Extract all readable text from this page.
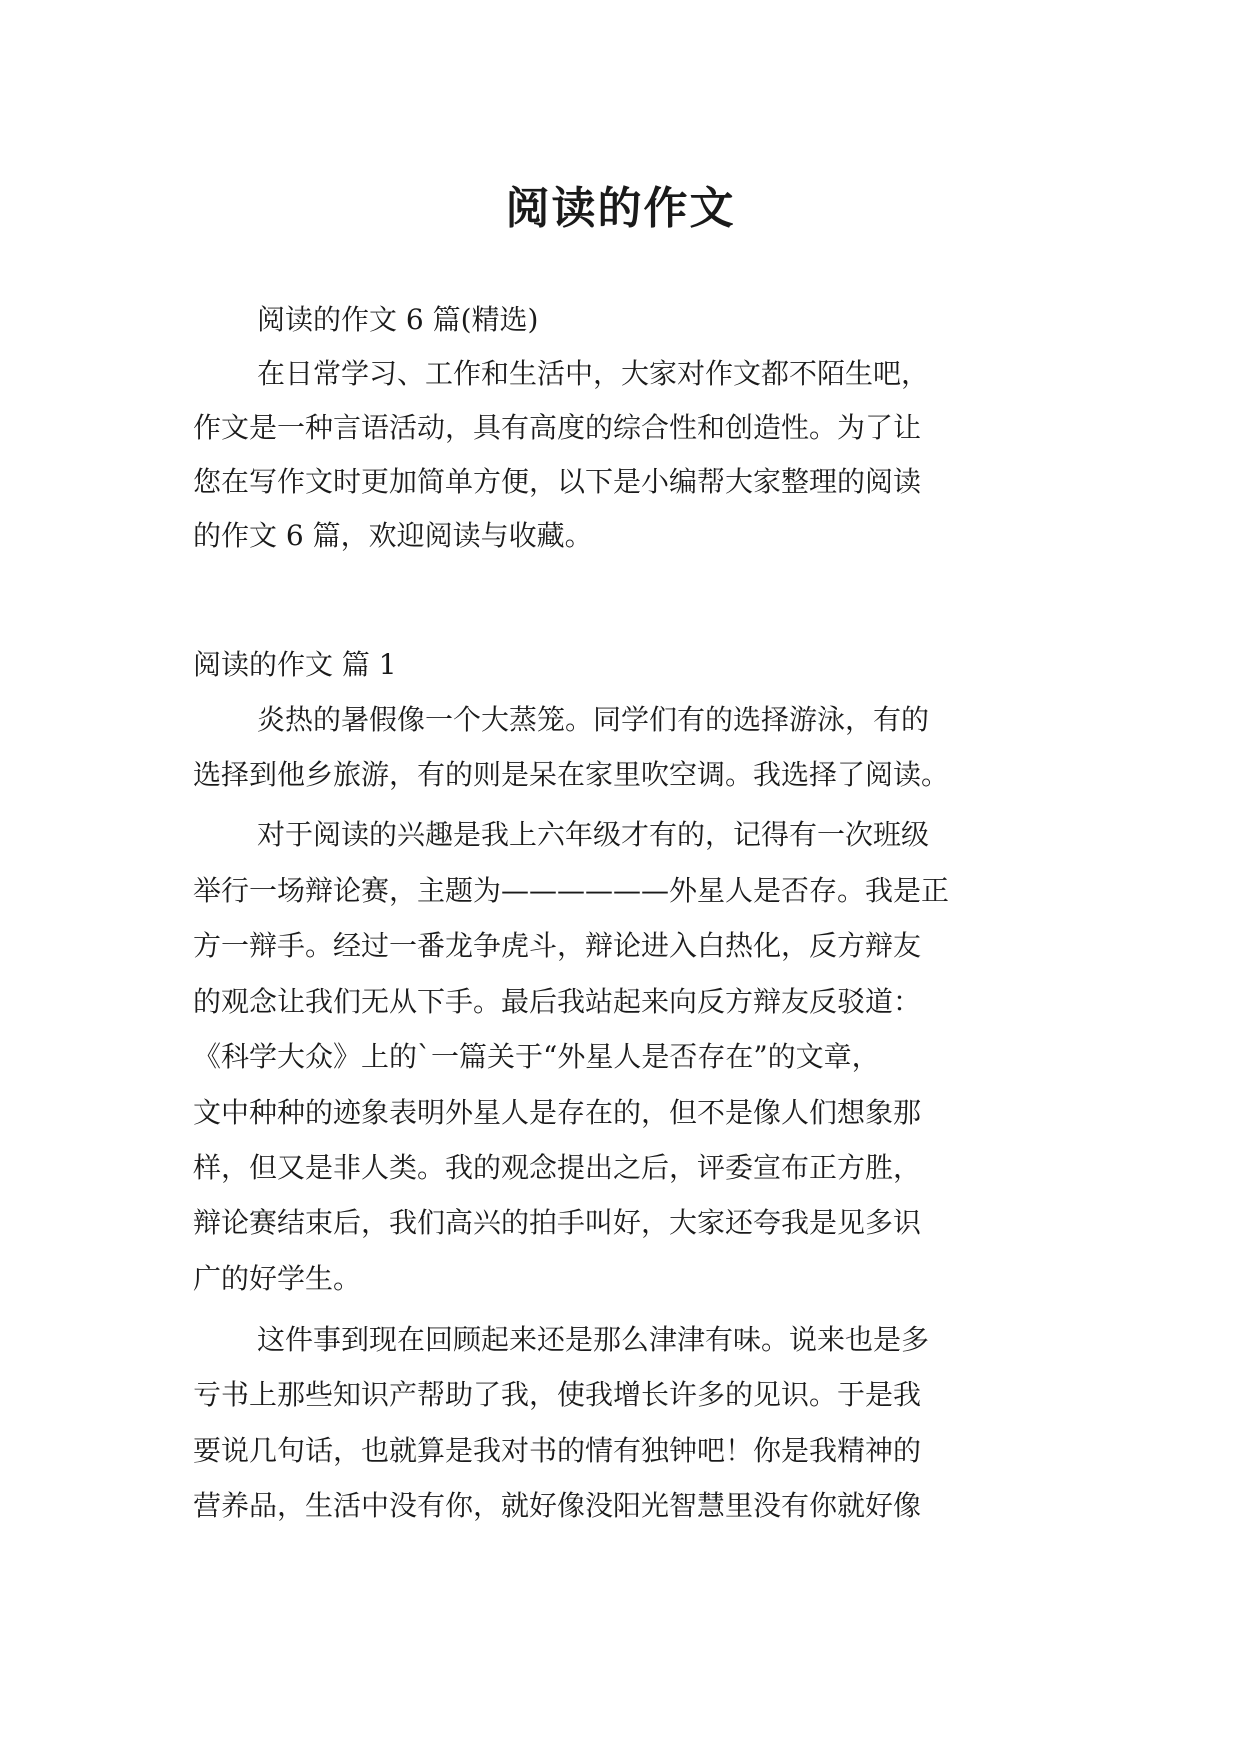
阅读的作文
阅读的作文 6 篇(精选)
在日常学习、工作和生活中，大家对作文都不陌生吧，
作文是一种言语活动，具有高度的综合性和创造性。为了让
您在写作文时更加简单方便，以下是小编帮大家整理的阅读
的作文 6 篇，欢迎阅读与收藏。
阅读的作文 篇 1
炎热的暑假像一个大蒸笼。同学们有的选择游泳，有的
选择到他乡旅游，有的则是呆在家里吹空调。我选择了阅读。
对于阅读的兴趣是我上六年级才有的，记得有一次班级
举行一场辩论赛，主题为——————外星人是否存。我是正
方一辩手。经过一番龙争虎斗，辩论进入白热化，反方辩友
的观念让我们无从下手。最后我站起来向反方辩友反驳道：
《科学大众》上的`一篇关于“外星人是否存在”的文章，
文中种种的迹象表明外星人是存在的，但不是像人们想象那
样，但又是非人类。我的观念提出之后，评委宣布正方胜，
辩论赛结束后，我们高兴的拍手叫好，大家还夸我是见多识
广的好学生。
这件事到现在回顾起来还是那么津津有味。说来也是多
亏书上那些知识产帮助了我，使我增长许多的见识。于是我
要说几句话，也就算是我对书的情有独钟吧！你是我精神的
营养品，生活中没有你，就好像没阳光智慧里没有你就好像
